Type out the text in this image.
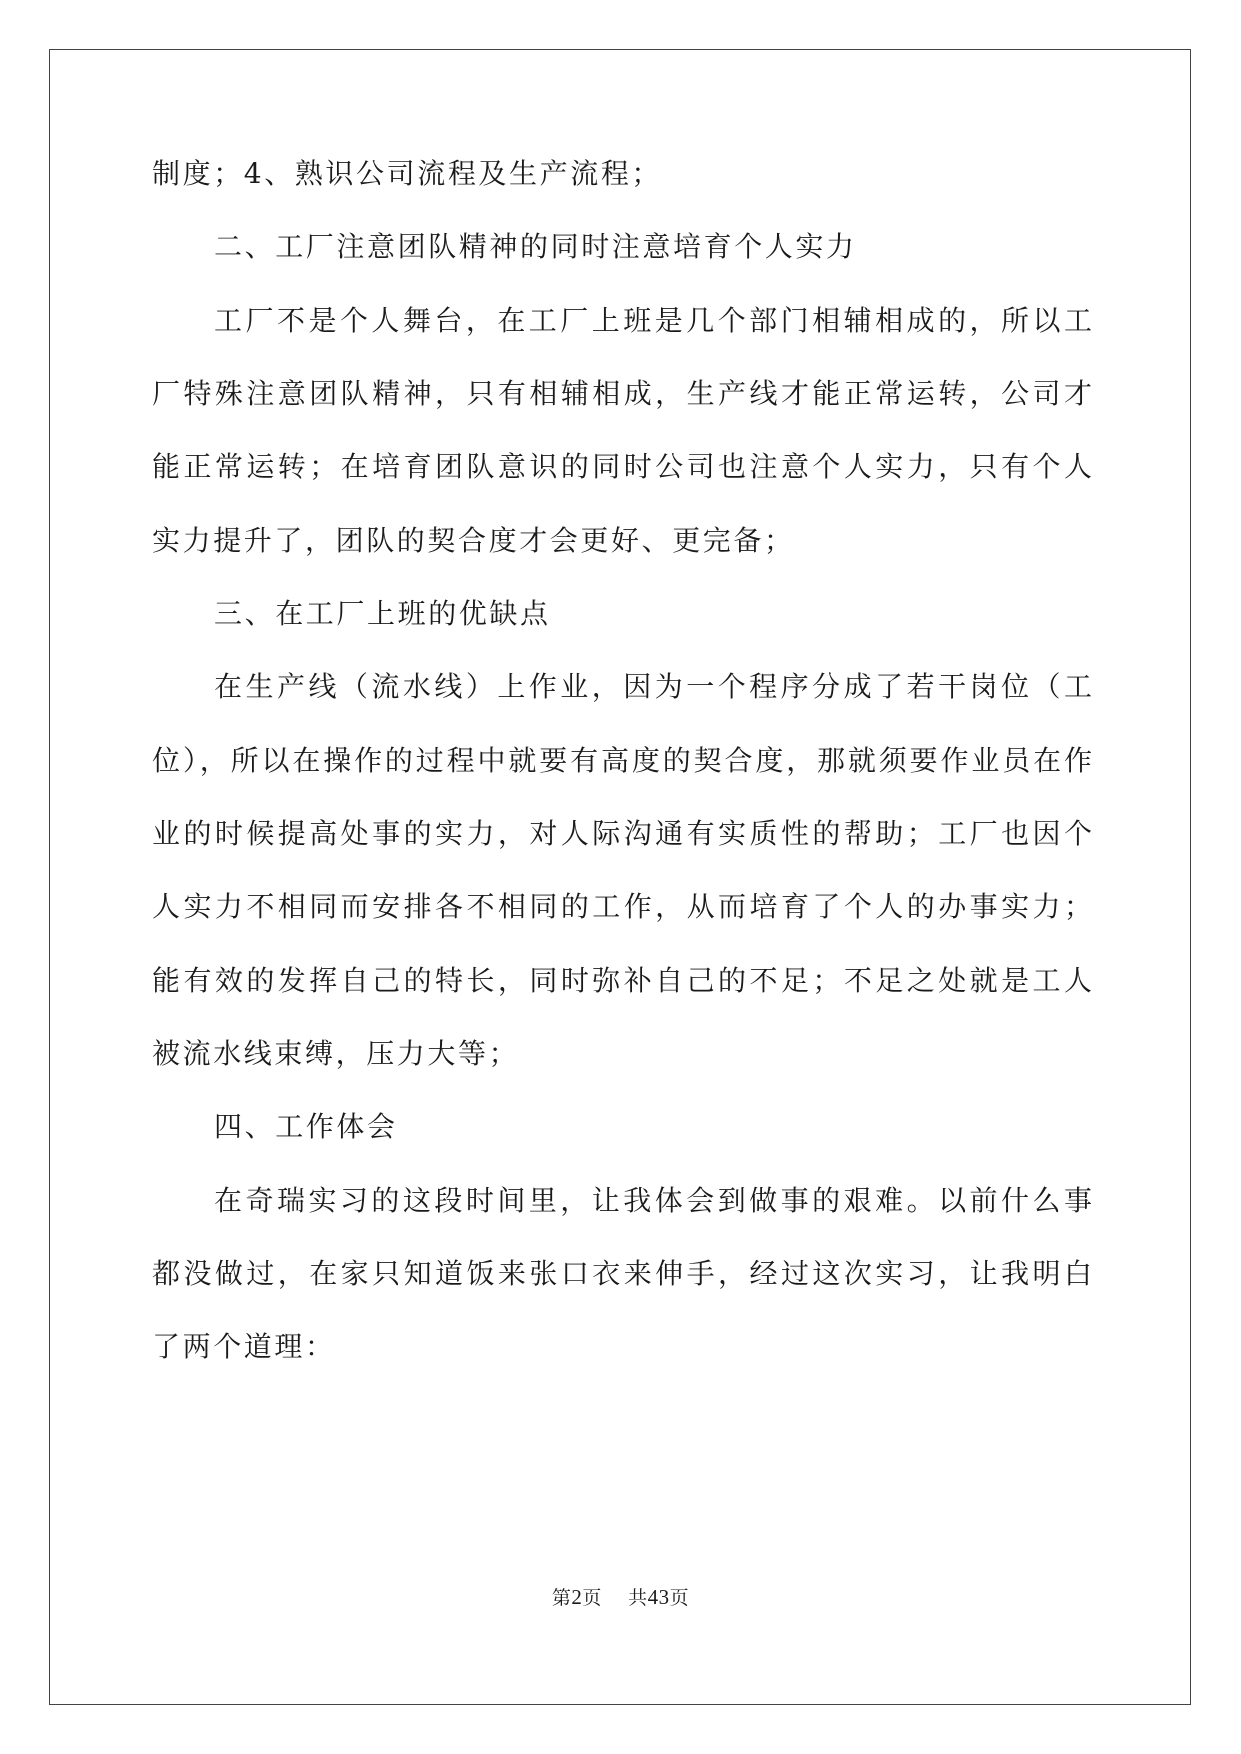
制度；4、熟识公司流程及生产流程；
二、工厂注意团队精神的同时注意培育个人实力
工厂不是个人舞台，在工厂上班是几个部门相辅相成的，所以工
厂特殊注意团队精神，只有相辅相成，生产线才能正常运转，公司才
能正常运转；在培育团队意识的同时公司也注意个人实力，只有个人
实力提升了，团队的契合度才会更好、更完备；
三、在工厂上班的优缺点
在生产线（流水线）上作业，因为一个程序分成了若干岗位（工
位），所以在操作的过程中就要有高度的契合度，那就须要作业员在作
业的时候提高处事的实力，对人际沟通有实质性的帮助；工厂也因个
人实力不相同而安排各不相同的工作，从而培育了个人的办事实力；
能有效的发挥自己的特长，同时弥补自己的不足；不足之处就是工人
被流水线束缚，压力大等；
四、工作体会
在奇瑞实习的这段时间里，让我体会到做事的艰难。以前什么事
都没做过，在家只知道饭来张口衣来伸手，经过这次实习，让我明白
了两个道理：
第2页 共43页
